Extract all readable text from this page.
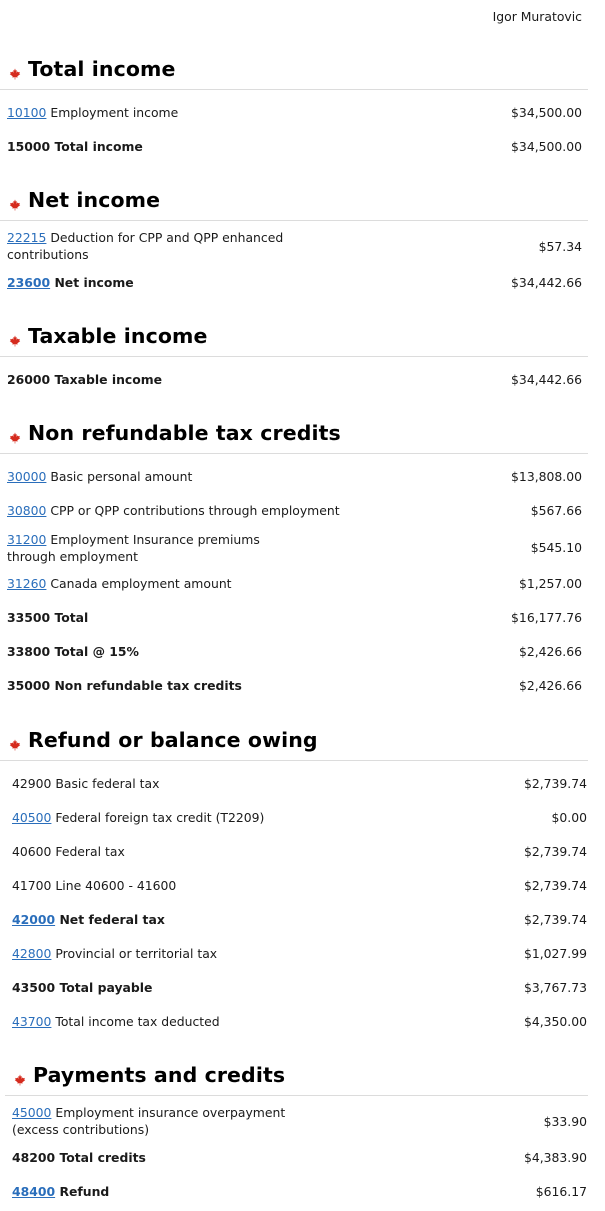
Igor Muratovic
Total income
10100 Employment income	$34,500.00
15000 Total income	$34,500.00
Net income
22215 Deduction for CPP and QPP enhanced contributions
$57.34
23600 Net income	$34,442.66
Taxable income
26000 Taxable income	$34,442.66
Non refundable tax credits
30000 Basic personal amount	$13,808.00
30800 CPP or QPP contributions through employment	$567.66
31200 Employment Insurance premiums through employment
$545.10
31260 Canada employment amount	$1,257.00
33500 Total	$16,177.76
33800 Total @ 15%	$2,426.66
35000 Non refundable tax credits	$2,426.66
Refund or balance owing
42900 Basic federal tax	$2,739.74
40500 Federal foreign tax credit (T2209)	$0.00
40600 Federal tax	$2,739.74
41700 Line 40600 - 41600	$2,739.74
42000 Net federal tax	$2,739.74
42800 Provincial or territorial tax	$1,027.99
43500 Total payable	$3,767.73
43700 Total income tax deducted	$4,350.00
Payments and credits
45000 Employment insurance overpayment (excess contributions)
$33.90
48200 Total credits	$4,383.90
48400 Refund	$616.17
